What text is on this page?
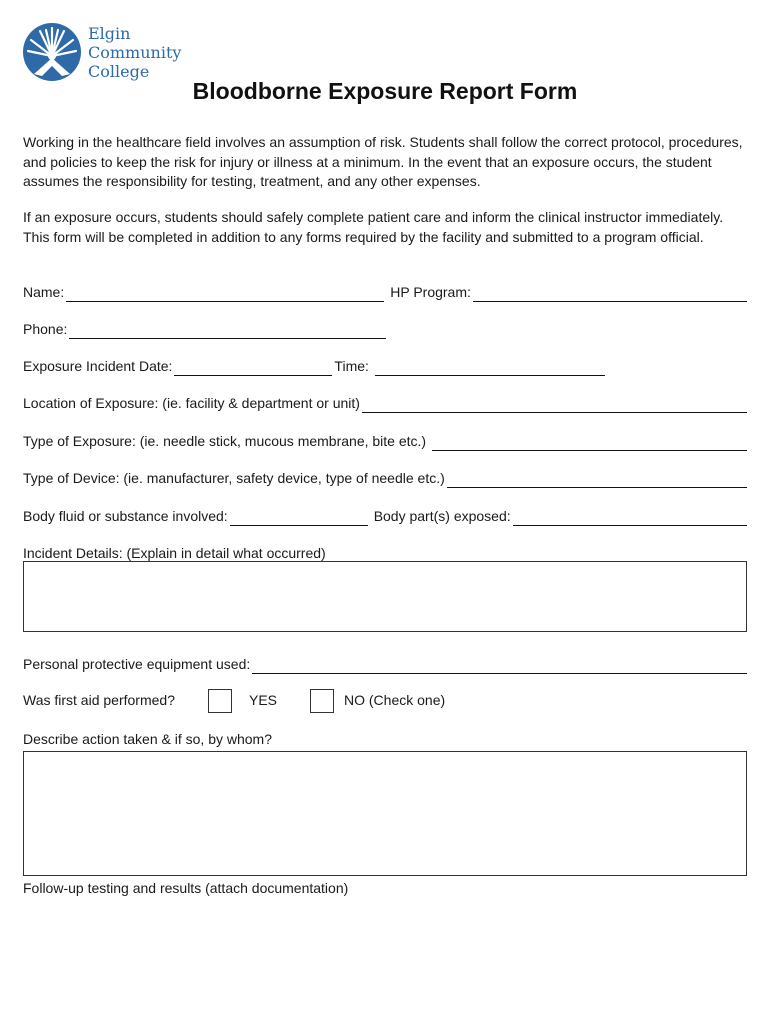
Elgin
Community
College
Bloodborne Exposure Report Form

Working in the healthcare field involves an assumption of risk. Students shall follow the correct protocol, procedures, and policies to keep the risk for injury or illness at a minimum. In the event that an exposure occurs, the student assumes the responsibility for testing, treatment, and any other expenses.

If an exposure occurs, students should safely complete patient care and inform the clinical instructor immediately. This form will be completed in addition to any forms required by the facility and submitted to a program official.

Name:	HP Program:
Phone:
Exposure Incident Date:	Time:
Location of Exposure: (ie. facility & department or unit)
Type of Exposure: (ie. needle stick, mucous membrane, bite etc.)
Type of Device: (ie. manufacturer, safety device, type of needle etc.)
Body fluid or substance involved:	Body part(s) exposed:
Incident Details: (Explain in detail what occurred)
Personal protective equipment used:
Was first aid performed?	YES	NO (Check one)
Describe action taken & if so, by whom?
Follow-up testing and results (attach documentation)
